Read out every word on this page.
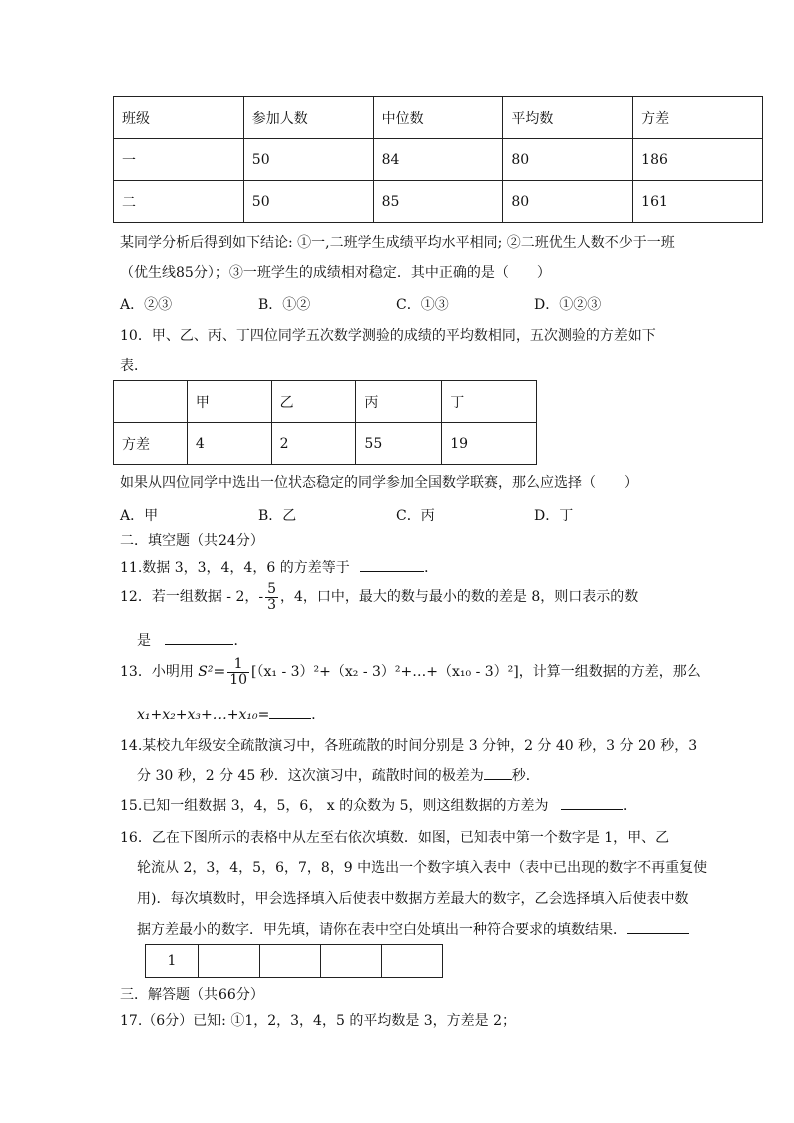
班级	参加人数	中位数	平均数	方差
一	50	84	80	186
二	50	85	80	161
某同学分析后得到如下结论: ①一,二班学生成绩平均水平相同; ②二班优生人数不少于一班
（优生线85分）；③一班学生的成绩相对稳定．其中正确的是（　　）
A．②③	B．①②	C．①③	D．①②③
10．甲、乙、丙、丁四位同学五次数学测验的成绩的平均数相同，五次测验的方差如下
表．
	甲	乙	丙	丁
方差	4	2	55	19
如果从四位同学中选出一位状态稳定的同学参加全国数学联赛，那么应选择（　　）
A．甲	B．乙	C．丙	D．丁
二．填空题（共24分）
11.数据 3，3，4，4，6 的方差等于	．
12．若一组数据 - 2，- $\frac{5}{3}$ ，4，口中，最大的数与最小的数的差是 8，则口表示的数
是	．
13．小明用 $S^2= \frac{1}{10} [(x_1 - 3)^2+(x_2$ - 3）²+…+（x₁₀ - 3）²]，计算一组数据的方差，那么
x₁+x₂+x₃+…+x₁₀=	．
14.某校九年级安全疏散演习中，各班疏散的时间分别是 3 分钟，2 分 40 秒，3 分 20 秒，3
分 30 秒，2 分 45 秒．这次演习中，疏散时间的极差为 秒．
15.已知一组数据 3，4，5，6， x 的众数为 5，则这组数据的方差为	．
16．乙在下图所示的表格中从左至右依次填数．如图，已知表中第一个数字是 1，甲、乙
轮流从 2，3，4，5，6，7，8，9 中选出一个数字填入表中（表中已出现的数字不再重复使
用)．每次填数时，甲会选择填入后使表中数据方差最大的数字，乙会选择填入后使表中数
据方差最小的数字．甲先填，请你在表中空白处填出一种符合要求的填数结果．
1				
三．解答题（共66分）
17.（6分）已知: ①1，2，3，4，5 的平均数是 3，方差是 2；
